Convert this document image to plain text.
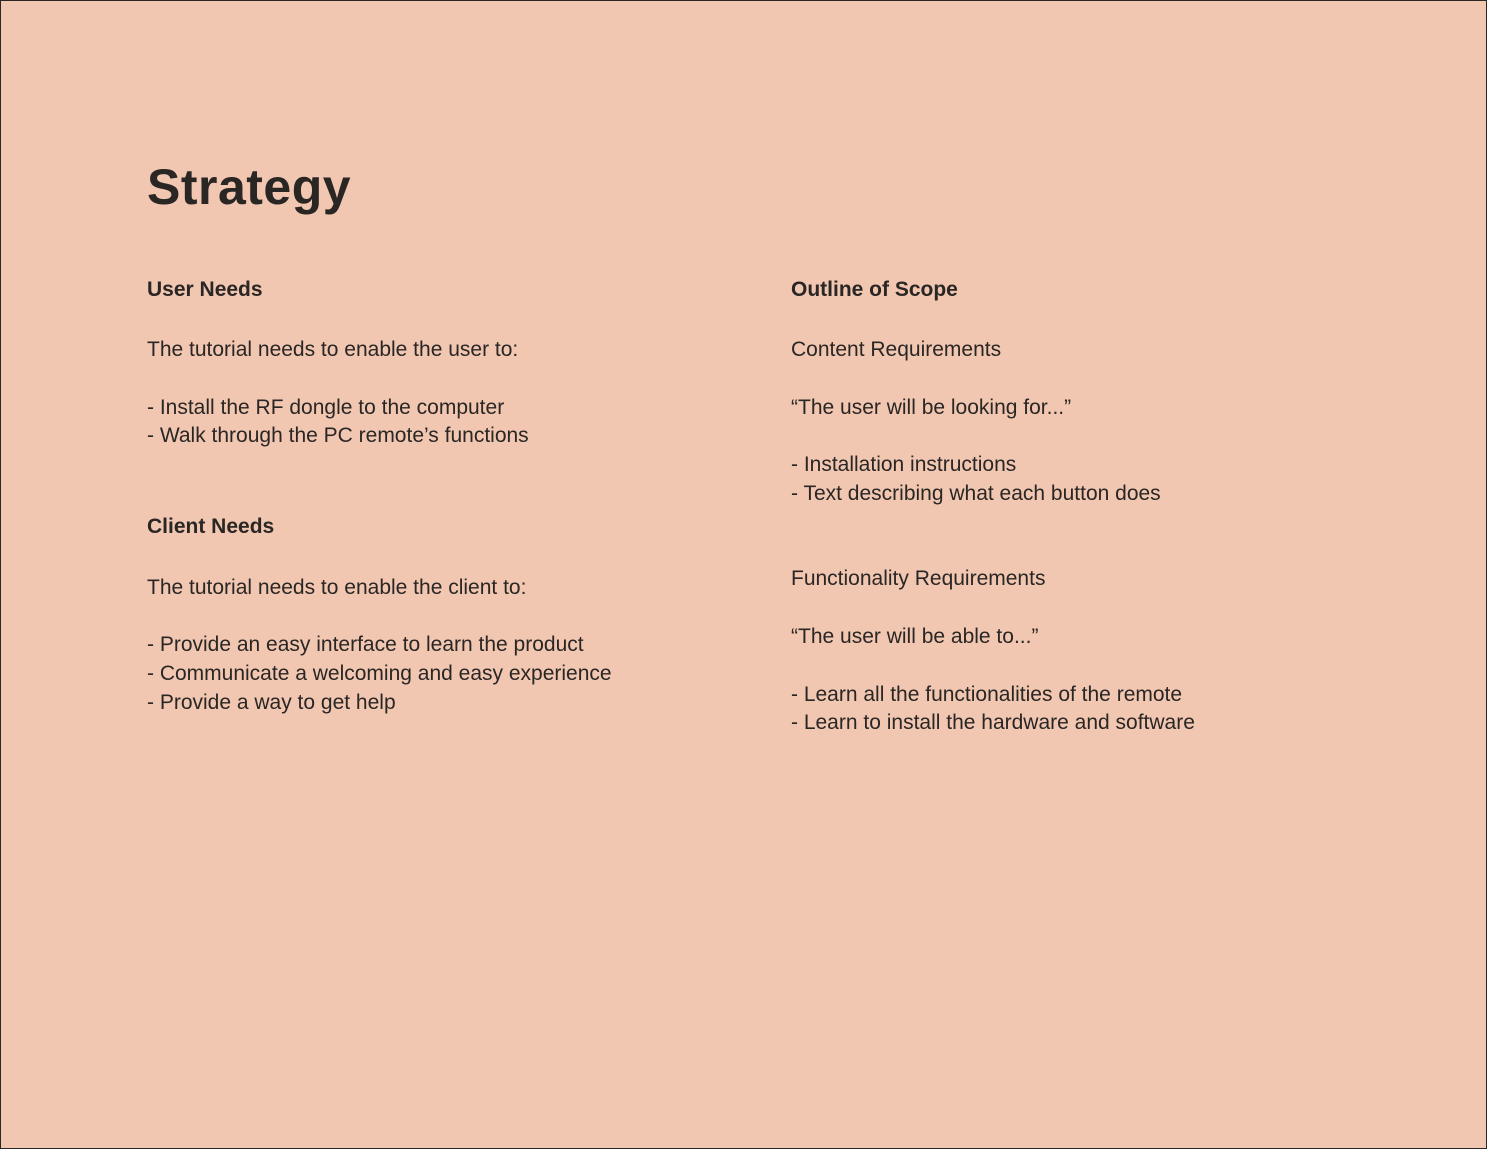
Strategy
User Needs

The tutorial needs to enable the user to:

- Install the RF dongle to the computer
- Walk through the PC remote’s functions
Client Needs

The tutorial needs to enable the client to:

- Provide an easy interface to learn the product
- Communicate a welcoming and easy experience
- Provide a way to get help
Outline of Scope

Content Requirements

“The user will be looking for...”

- Installation instructions
- Text describing what each button does

Functionality Requirements

“The user will be able to...”

- Learn all the functionalities of the remote
- Learn to install the hardware and software
